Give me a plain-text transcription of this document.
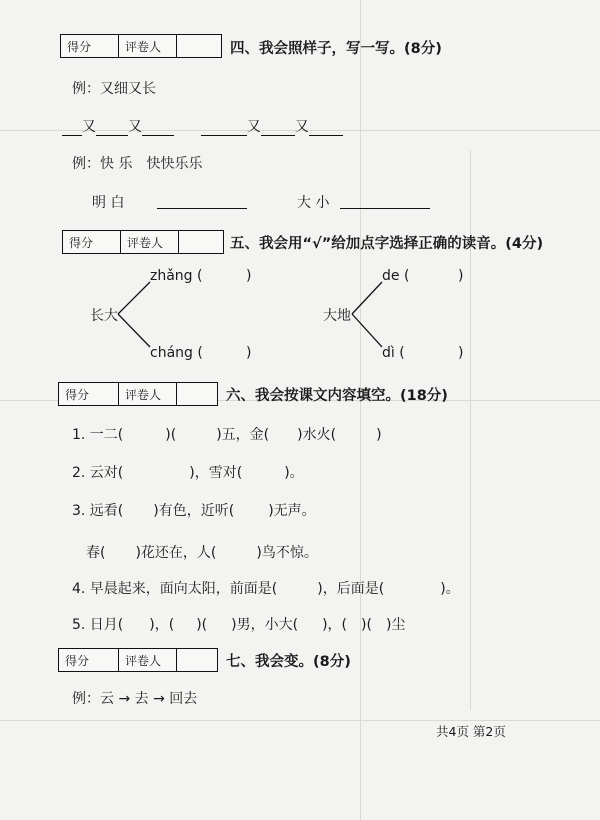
得分	评卷人	四、我会照样子，写一写。(8分)
例：又细又长
又 又	又 又
例：快 乐　快快乐乐
明 白	大 小
得分	评卷人	五、我会用“√”给加点字选择正确的读音。(4分)
长大
zhǎng (	)
cháng (	)
大地
de (	)
dì (	)
得分	评卷人	六、我会按课文内容填空。(18分)
1. 一二(	)(	)五，金( )水火(	)
2. 云对(	)，雪对(	)。
3. 远看( )有色，近听( )无声。
春( )花还在，人(	)鸟不惊。
4. 早晨起来，面向太阳，前面是(	)，后面是(	)。
5. 日月( )，( )( )男，小大( )，( )( )尘
得分	评卷人	七、我会变。(8分)
例：云 → 去 → 回去
共4页 第2页
